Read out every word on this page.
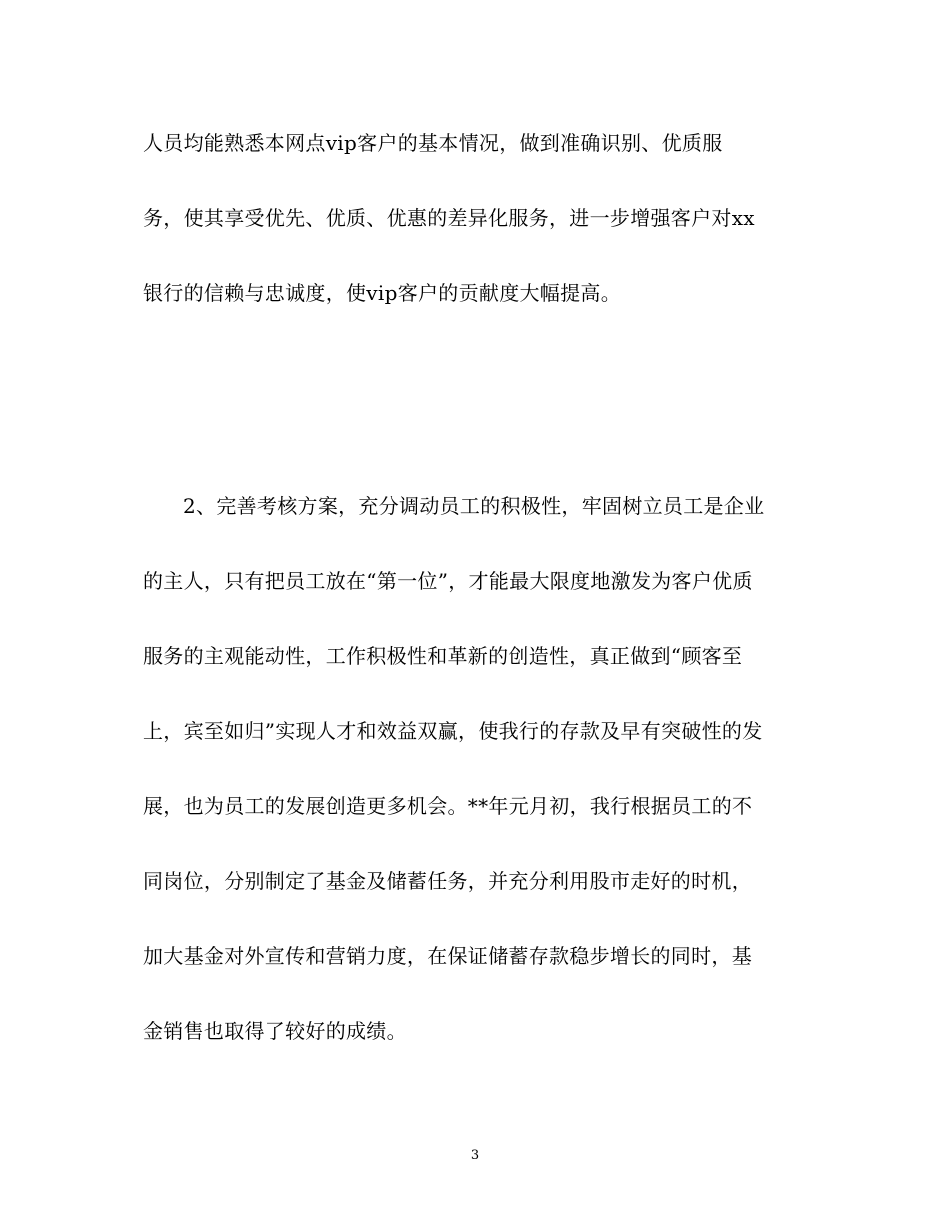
人员均能熟悉本网点vip客户的基本情况，做到准确识别、优质服
务，使其享受优先、优质、优惠的差异化服务，进一步增强客户对xx
银行的信赖与忠诚度，使vip客户的贡献度大幅提高。
2、完善考核方案，充分调动员工的积极性，牢固树立员工是企业
的主人，只有把员工放在“第一位”，才能最大限度地激发为客户优质
服务的主观能动性，工作积极性和革新的创造性，真正做到“顾客至
上，宾至如归”实现人才和效益双赢，使我行的存款及早有突破性的发
展，也为员工的发展创造更多机会。**年元月初，我行根据员工的不
同岗位，分别制定了基金及储蓄任务，并充分利用股市走好的时机，
加大基金对外宣传和营销力度，在保证储蓄存款稳步增长的同时，基
金销售也取得了较好的成绩。
3
